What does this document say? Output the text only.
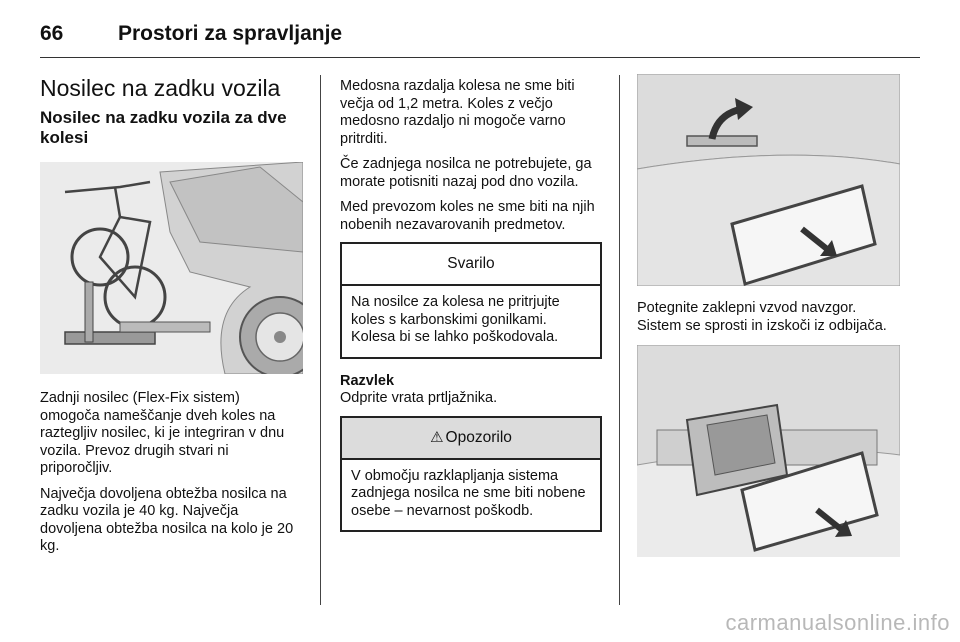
66	Prostori za spravljanje
Nosilec na zadku vozila
Nosilec na zadku vozila za dve kolesi
Zadnji nosilec (Flex-Fix sistem) omogoča nameščanje dveh koles na raztegljiv nosilec, ki je integriran v dnu vozila. Prevoz drugih stvari ni priporočljiv.
Največja dovoljena obtežba nosilca na zadku vozila je 40 kg. Največja dovoljena obtežba nosilca na kolo je 20 kg.
Medosna razdalja kolesa ne sme biti večja od 1,2 metra. Koles z večjo medosno razdaljo ni mogoče varno pritrditi.
Če zadnjega nosilca ne potrebujete, ga morate potisniti nazaj pod dno vozila.
Med prevozom koles ne sme biti na njih nobenih nezavarovanih predmetov.
Svarilo
Na nosilce za kolesa ne pritrjujte koles s karbonskimi gonilkami. Kolesa bi se lahko poškodovala.
Razvlek
Odprite vrata prtljažnika.
⚠ Opozorilo
V območju razklapljanja sistema zadnjega nosilca ne sme biti nobene osebe – nevarnost poškodb.
Potegnite zaklepni vzvod navzgor. Sistem se sprosti in izskoči iz odbijača.
carmanualsonline.info
